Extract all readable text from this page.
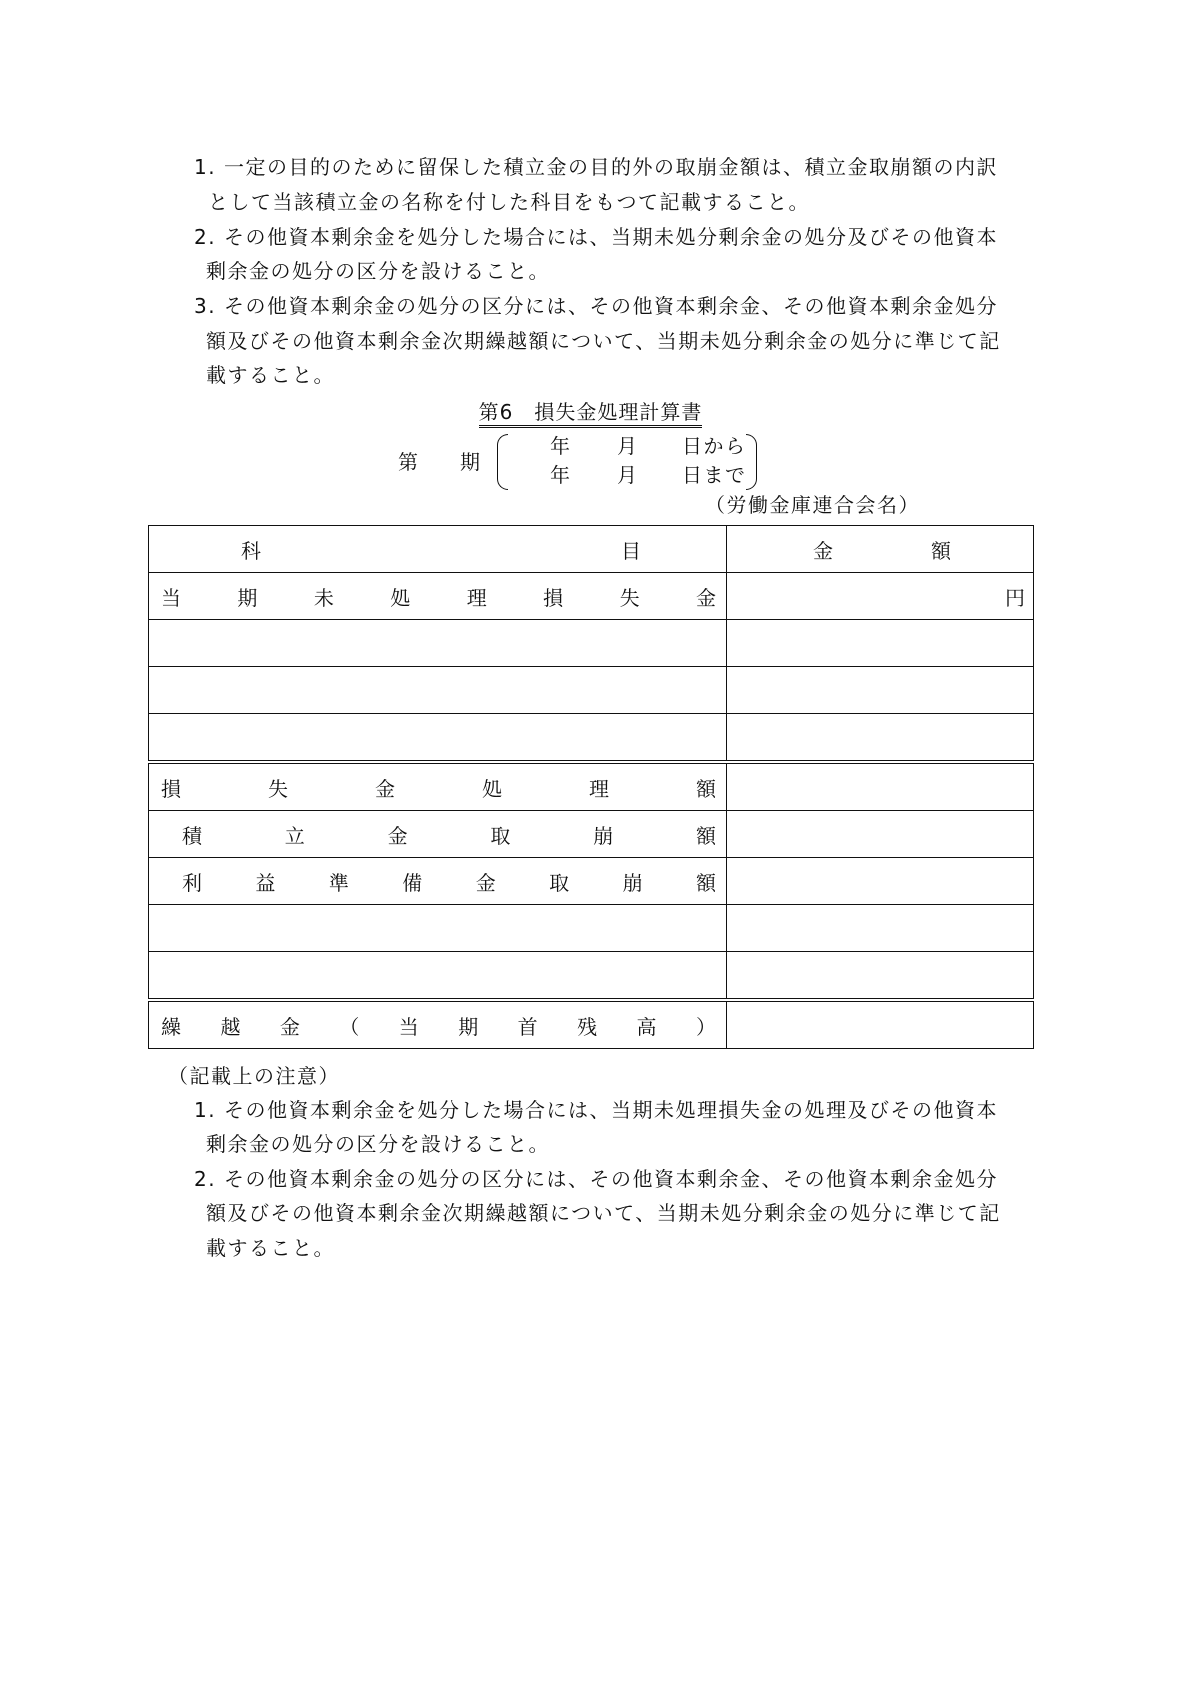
1. 一定の目的のために留保した積立金の目的外の取崩金額は、積立金取崩額の内訳
として当該積立金の名称を付した科目をもつて記載すること。
2. その他資本剰余金を処分した場合には、当期未処分剰余金の処分及びその他資本
剰余金の処分の区分を設けること。
3. その他資本剰余金の処分の区分には、その他資本剰余金、その他資本剰余金処分
額及びその他資本剰余金次期繰越額について、当期未処分剰余金の処分に準じて記
載すること。
第6　損失金処理計算書
第 期
年 月 日から
年 月 日まで
（労働金庫連合会名）
科目	金額

当期未処理損失金	円

損失金処理額	

積立金取崩額	

利益準備金取崩額	

繰越金（当期首残高）	

（記載上の注意）
1. その他資本剰余金を処分した場合には、当期未処理損失金の処理及びその他資本
剰余金の処分の区分を設けること。
2. その他資本剰余金の処分の区分には、その他資本剰余金、その他資本剰余金処分
額及びその他資本剰余金次期繰越額について、当期未処分剰余金の処分に準じて記
載すること。
